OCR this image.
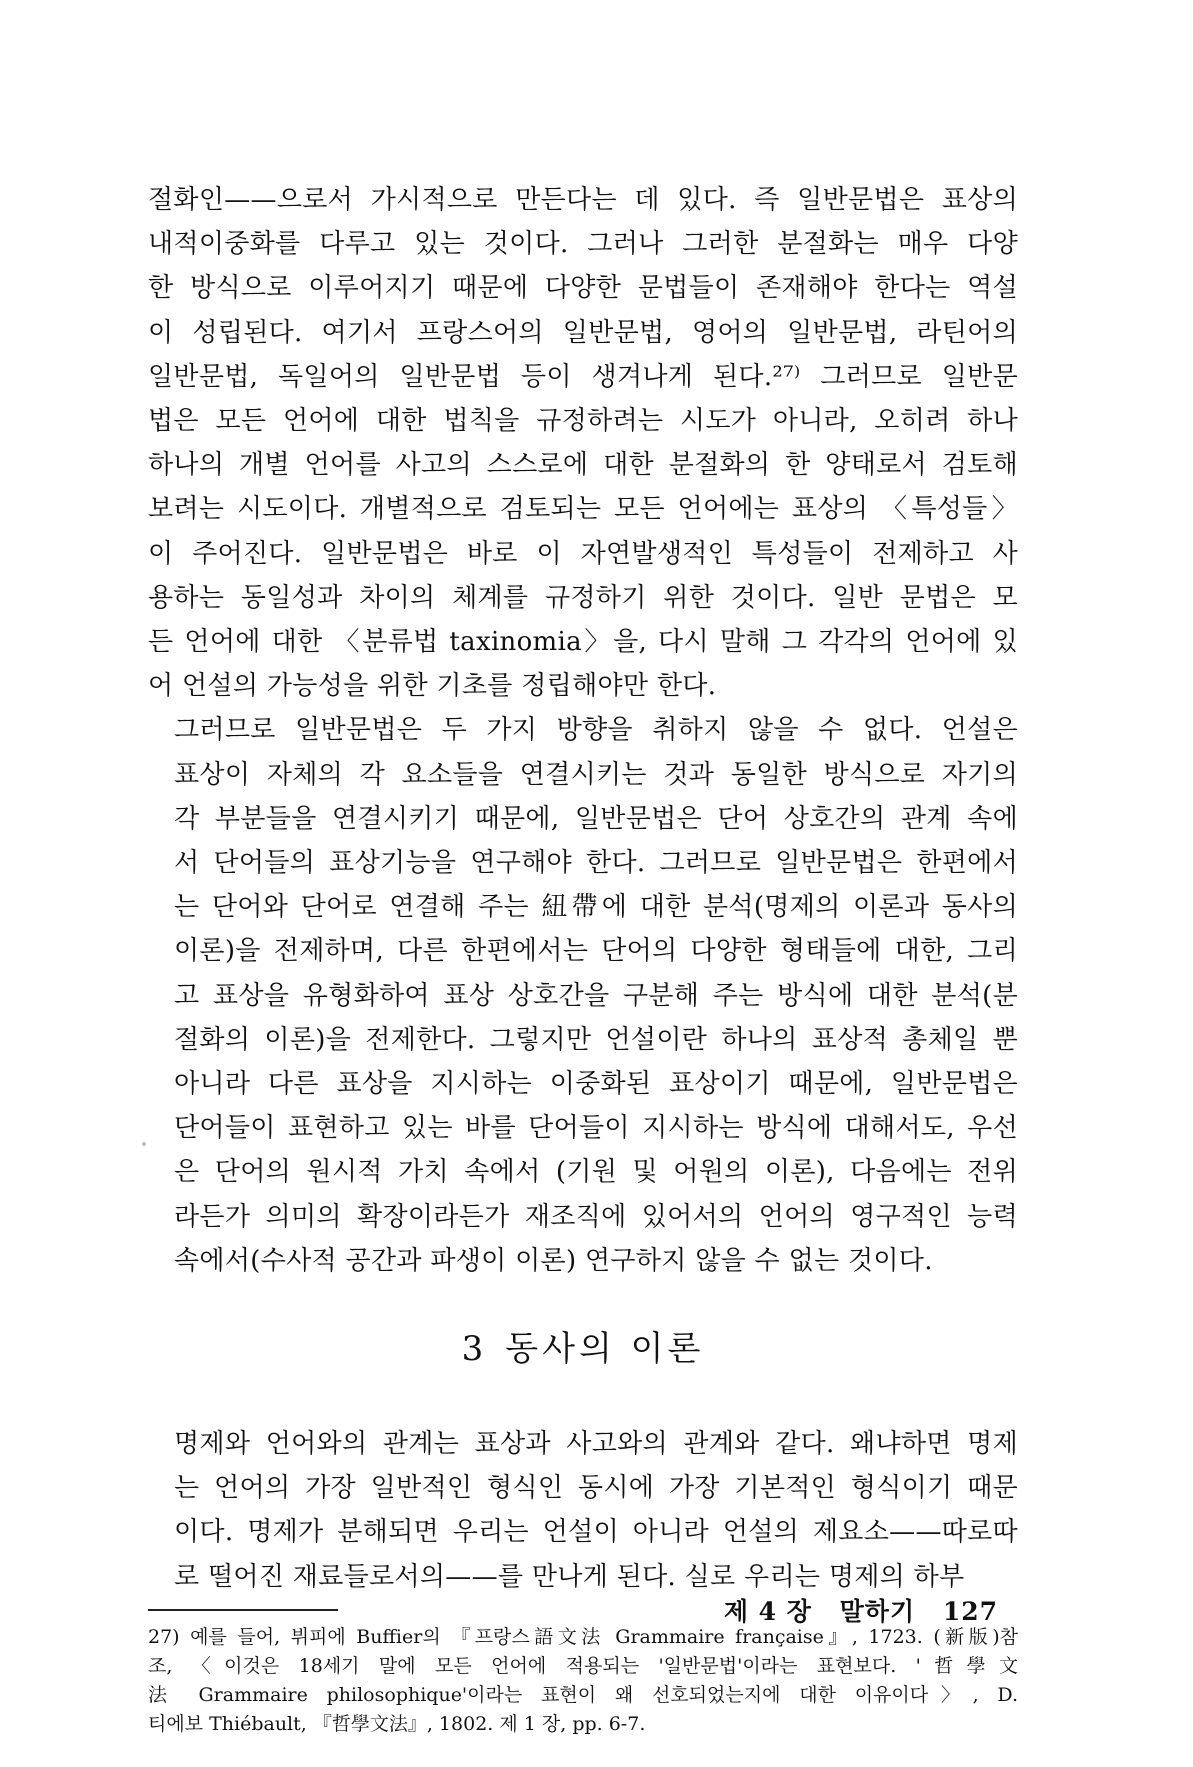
절화인——으로서 가시적으로 만든다는 데 있다. 즉 일반문법은 표상의
내적이중화를 다루고 있는 것이다. 그러나 그러한 분절화는 매우 다양
한 방식으로 이루어지기 때문에 다양한 문법들이 존재해야 한다는 역설
이 성립된다. 여기서 프랑스어의 일반문법, 영어의 일반문법, 라틴어의
일반문법, 독일어의 일반문법 등이 생겨나게 된다.²⁷⁾ 그러므로 일반문
법은 모든 언어에 대한 법칙을 규정하려는 시도가 아니라, 오히려 하나
하나의 개별 언어를 사고의 스스로에 대한 분절화의 한 양태로서 검토해
보려는 시도이다. 개별적으로 검토되는 모든 언어에는 표상의 〈특성들〉
이 주어진다. 일반문법은 바로 이 자연발생적인 특성들이 전제하고 사
용하는 동일성과 차이의 체계를 규정하기 위한 것이다. 일반 문법은 모
든 언어에 대한 〈분류법 taxinomia〉을, 다시 말해 그 각각의 언어에 있
어 언설의 가능성을 위한 기초를 정립해야만 한다.

그러므로 일반문법은 두 가지 방향을 취하지 않을 수 없다. 언설은
표상이 자체의 각 요소들을 연결시키는 것과 동일한 방식으로 자기의
각 부분들을 연결시키기 때문에, 일반문법은 단어 상호간의 관계 속에
서 단어들의 표상기능을 연구해야 한다. 그러므로 일반문법은 한편에서
는 단어와 단어로 연결해 주는 紐帶에 대한 분석(명제의 이론과 동사의
이론)을 전제하며, 다른 한편에서는 단어의 다양한 형태들에 대한, 그리
고 표상을 유형화하여 표상 상호간을 구분해 주는 방식에 대한 분석(분
절화의 이론)을 전제한다. 그렇지만 언설이란 하나의 표상적 총체일 뿐
아니라 다른 표상을 지시하는 이중화된 표상이기 때문에, 일반문법은
단어들이 표현하고 있는 바를 단어들이 지시하는 방식에 대해서도, 우선
은 단어의 원시적 가치 속에서 (기원 및 어원의 이론), 다음에는 전위
라든가 의미의 확장이라든가 재조직에 있어서의 언어의 영구적인 능력
속에서(수사적 공간과 파생이 이론) 연구하지 않을 수 없는 것이다.

3 동사의 이론

명제와 언어와의 관계는 표상과 사고와의 관계와 같다. 왜냐하면 명제
는 언어의 가장 일반적인 형식인 동시에 가장 기본적인 형식이기 때문
이다. 명제가 분해되면 우리는 언설이 아니라 언설의 제요소——따로따
로 떨어진 재료들로서의——를 만나게 된다. 실로 우리는 명제의 하부

27) 예를 들어, 뷔피에 Buffier의 『프랑스語文法 Grammaire française』, 1723. (新版)참
조, 〈이것은 18세기 말에 모든 언어에 적용되는 '일반문법'이라는 표현보다. '哲學文
法 Grammaire philosophique'이라는 표현이 왜 선호되었는지에 대한 이유이다〉, D.
티에보 Thiébault, 『哲學文法』, 1802. 제 1 장, pp. 6-7.

제 4 장 말하기 127
